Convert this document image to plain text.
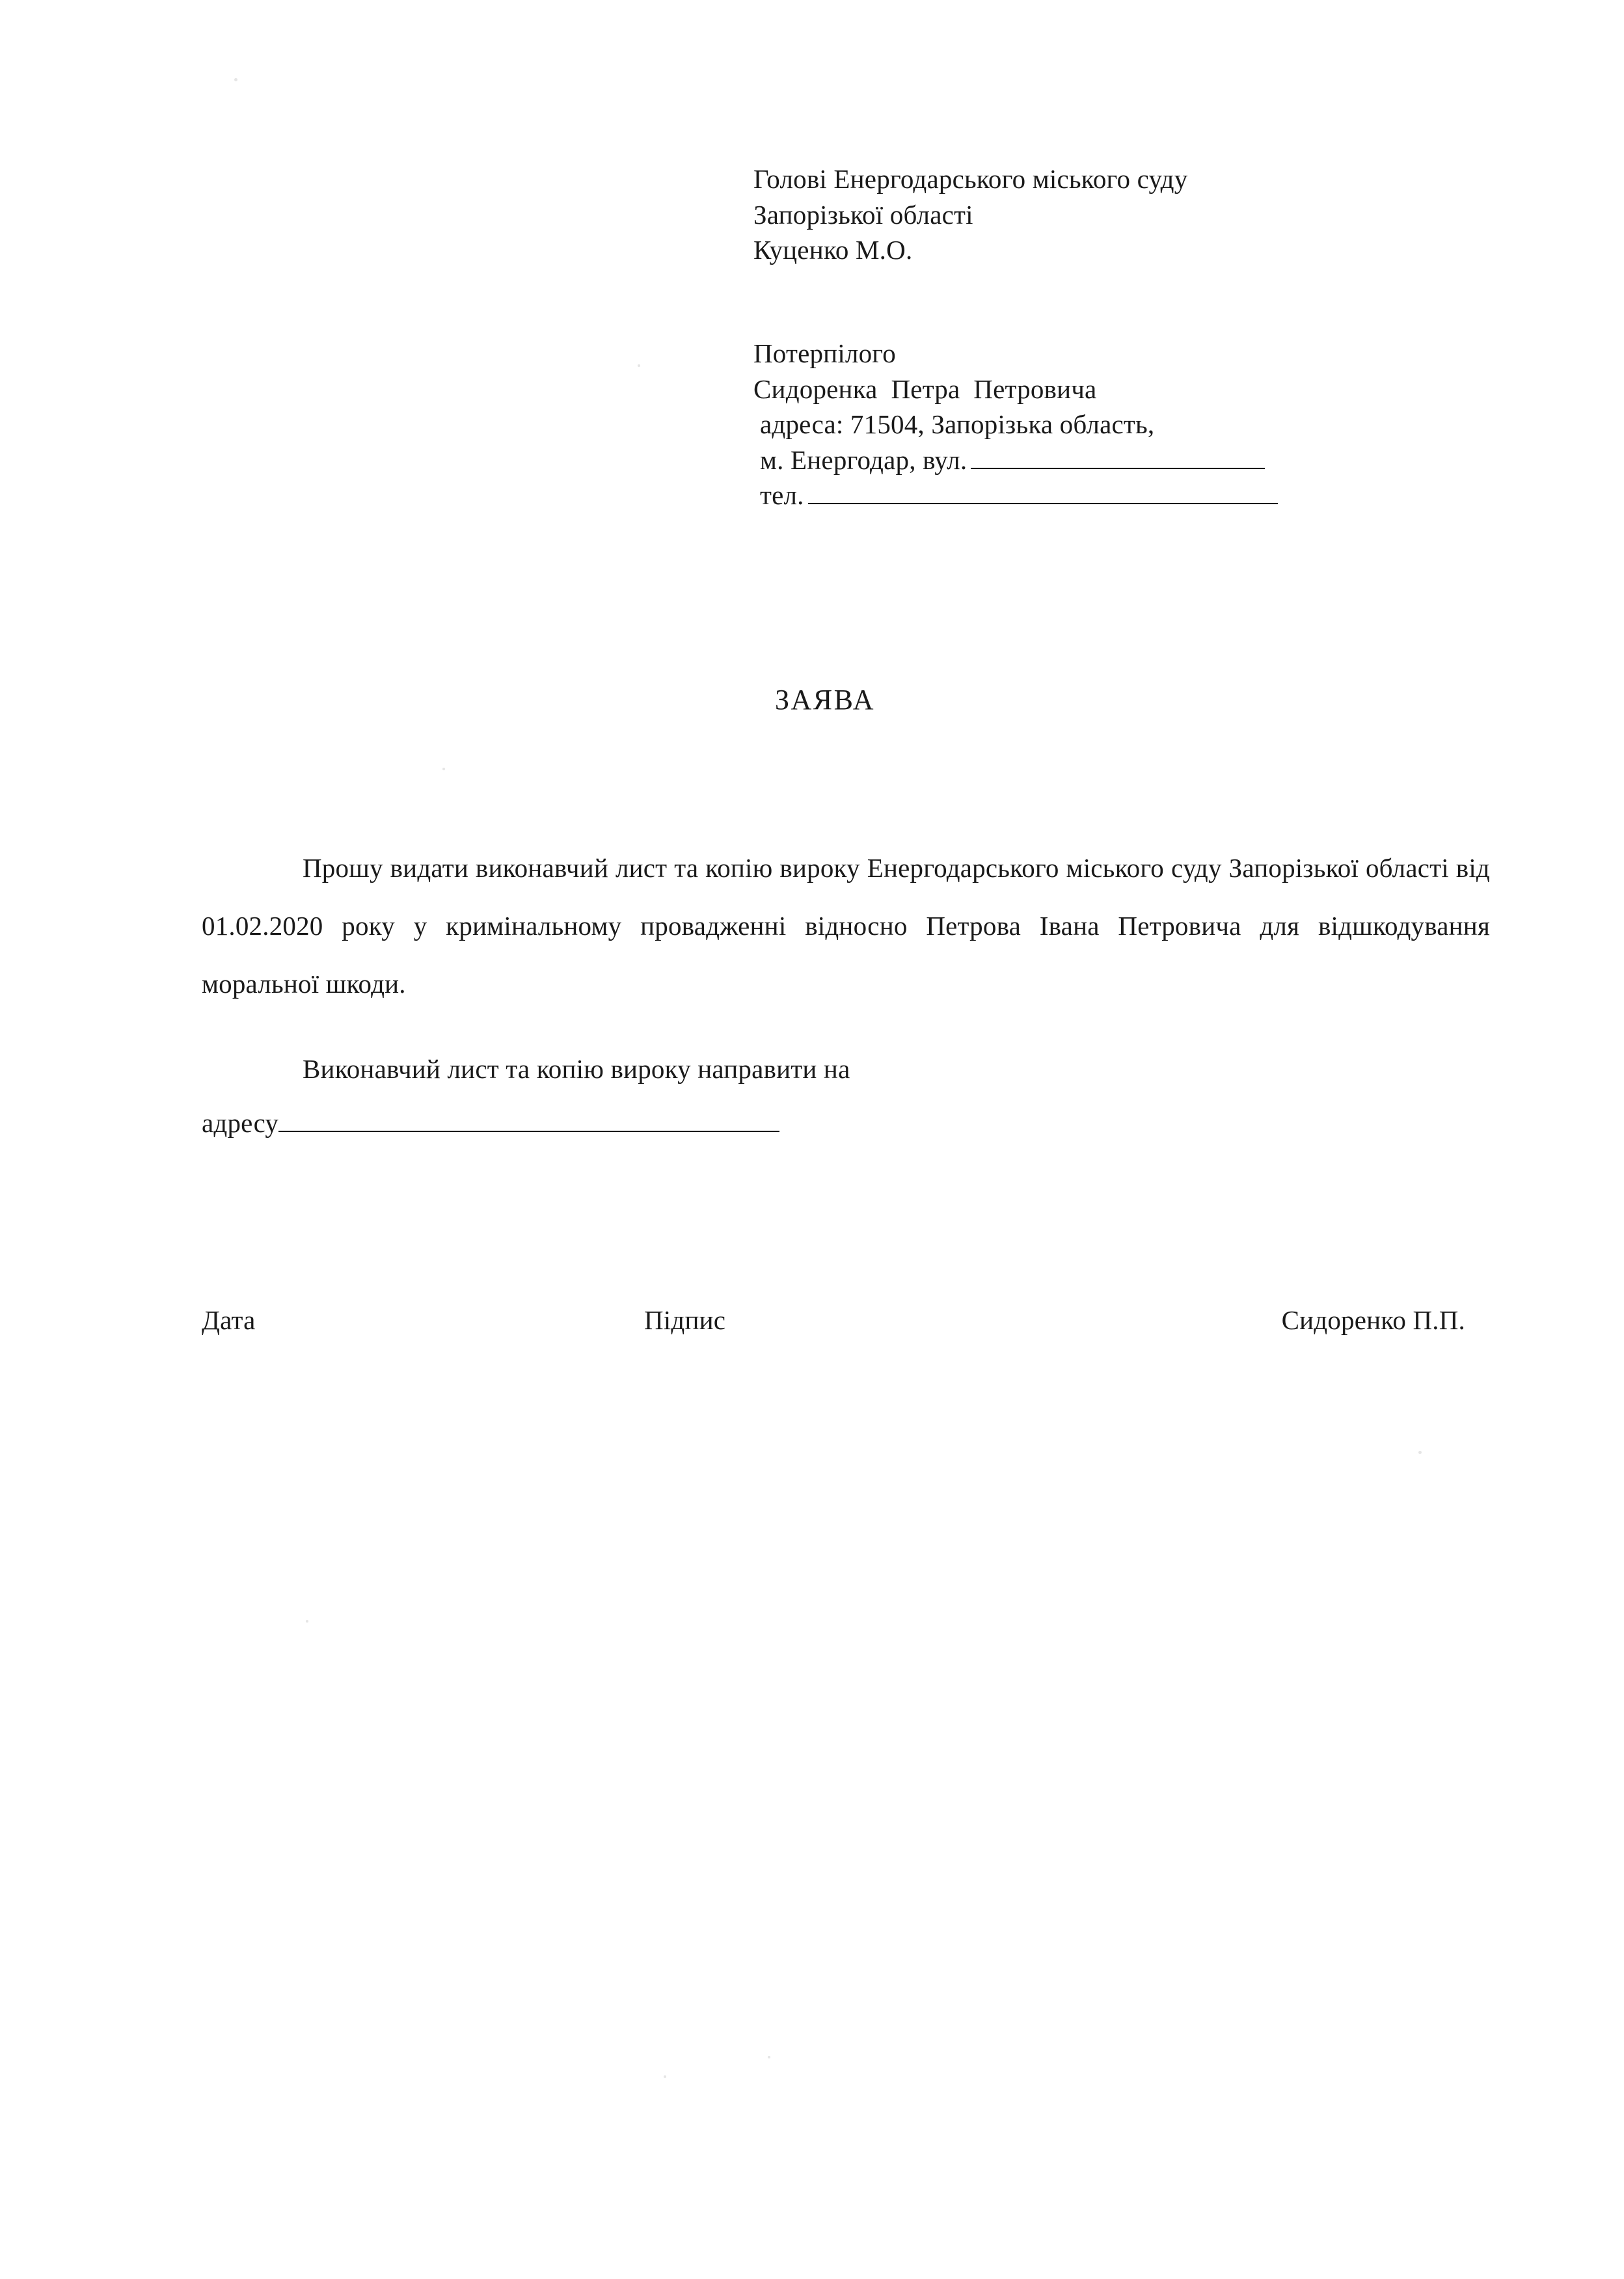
Голові Енергодарського міського суду
Запорізької області
Куценко М.О.
Потерпілого
Сидоренка  Петра  Петровича
адреса: 71504, Запорізька область,
м. Енергодар, вул.
тел.
ЗАЯВА

Прошу видати виконавчий лист та копію вироку Енергодарського міського суду Запорізької області від 01.02.2020 року у кримінальному провадженні відносно Петрова Івана Петровича для відшкодування моральної шкоди.

Виконавчий лист та копію вироку направити на
адресу

Дата	Підпис	Сидоренко П.П.
